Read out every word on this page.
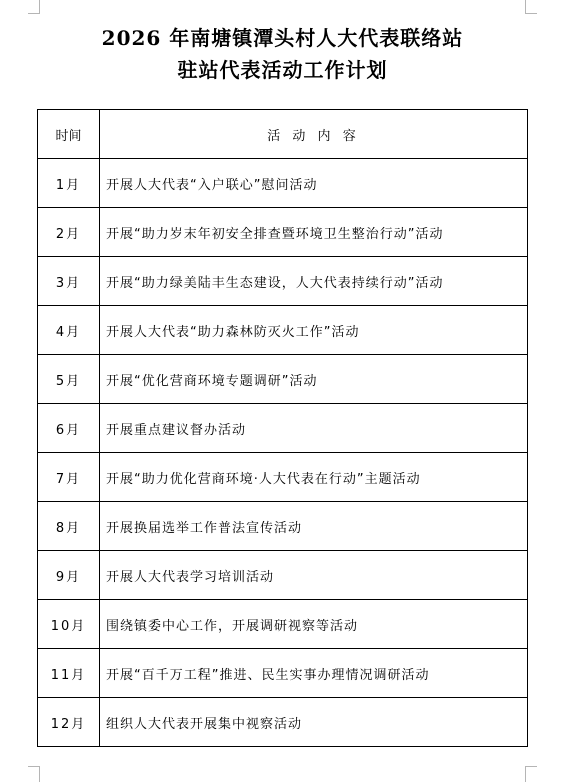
2026 年南塘镇潭头村人大代表联络站
驻站代表活动工作计划
时间	活 动 内 容
1月	开展人大代表“入户联心”慰问活动
2月	开展“助力岁末年初安全排查暨环境卫生整治行动”活动
3月	开展“助力绿美陆丰生态建设，人大代表持续行动”活动
4月	开展人大代表“助力森林防灭火工作”活动
5月	开展“优化营商环境专题调研”活动
6月	开展重点建议督办活动
7月	开展“助力优化营商环境·人大代表在行动”主题活动
8月	开展换届选举工作普法宣传活动
9月	开展人大代表学习培训活动
10月	围绕镇委中心工作，开展调研视察等活动
11月	开展“百千万工程”推进、民生实事办理情况调研活动
12月	组织人大代表开展集中视察活动
